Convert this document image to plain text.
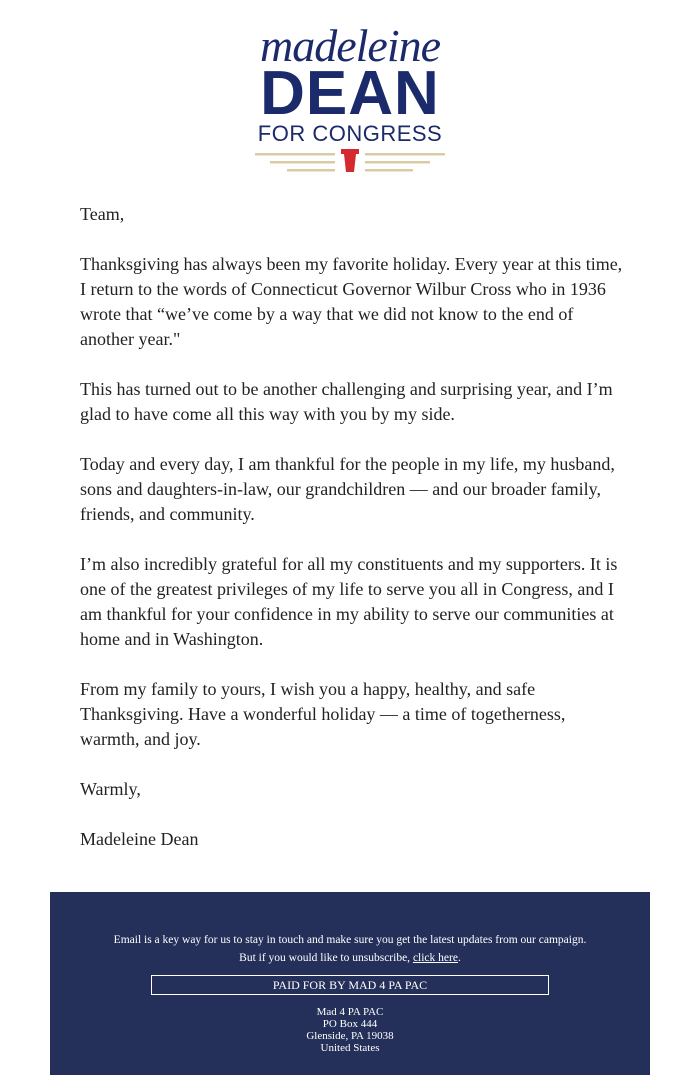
madeleine
DEAN
FOR CONGRESS

Team,

Thanksgiving has always been my favorite holiday. Every year at this time, I return to the words of Connecticut Governor Wilbur Cross who in 1936 wrote that “we’ve come by a way that we did not know to the end of another year."

This has turned out to be another challenging and surprising year, and I’m glad to have come all this way with you by my side.

Today and every day, I am thankful for the people in my life, my husband, sons and daughters-in-law, our grandchildren — and our broader family, friends, and community.

I’m also incredibly grateful for all my constituents and my supporters. It is one of the greatest privileges of my life to serve you all in Congress, and I am thankful for your confidence in my ability to serve our communities at home and in Washington.

From my family to yours, I wish you a happy, healthy, and safe Thanksgiving. Have a wonderful holiday — a time of togetherness, warmth, and joy.

Warmly,

Madeleine Dean

Email is a key way for us to stay in touch and make sure you get the latest updates from our campaign.
But if you would like to unsubscribe, click here.
PAID FOR BY MAD 4 PA PAC
Mad 4 PA PAC
PO Box 444
Glenside, PA 19038
United States
